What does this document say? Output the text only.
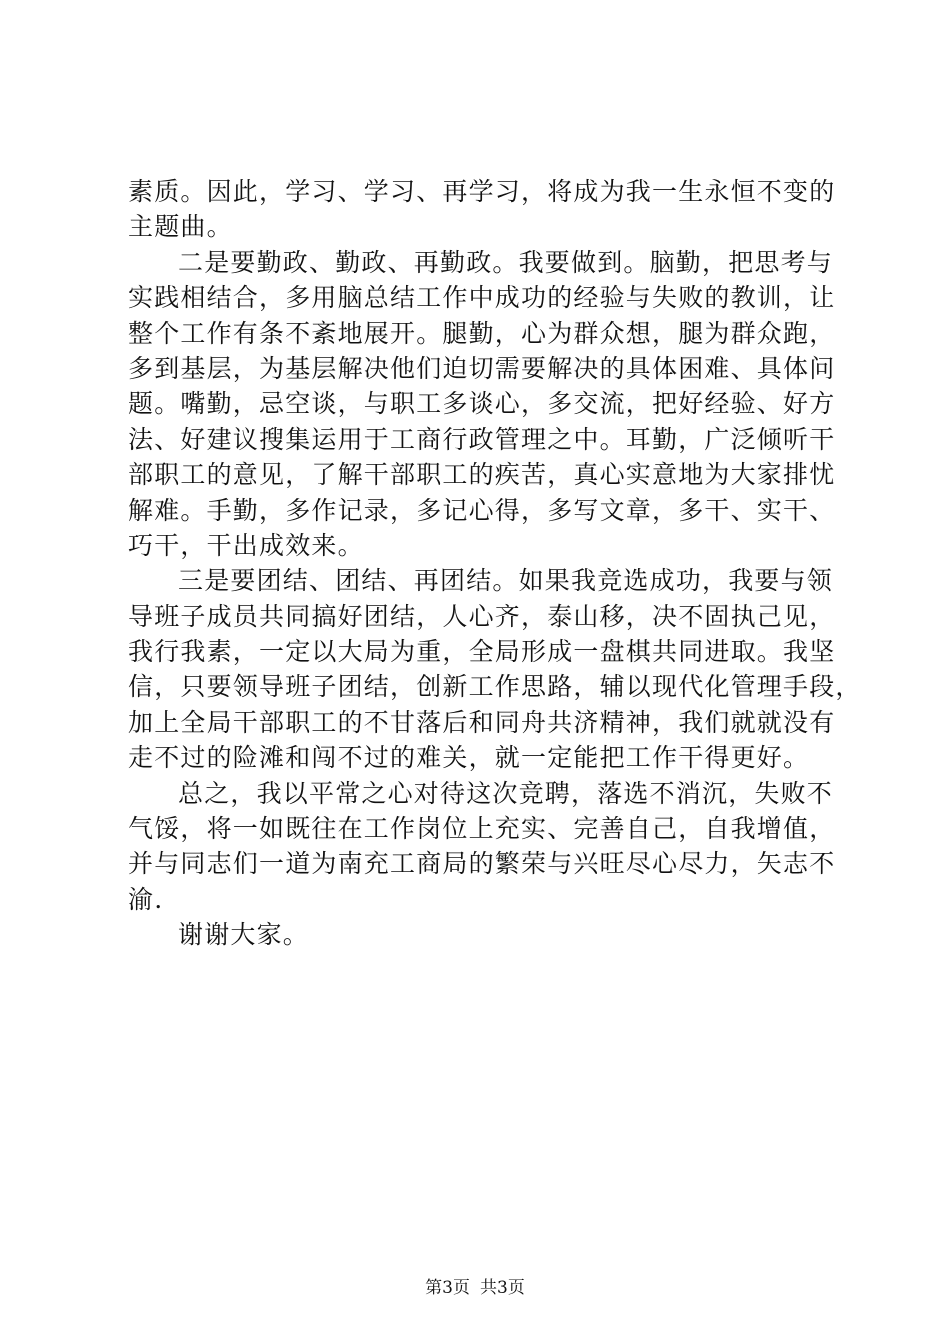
素质。因此，学习、学习、再学习，将成为我一生永恒不变的
主题曲。
二是要勤政、勤政、再勤政。我要做到。脑勤，把思考与
实践相结合，多用脑总结工作中成功的经验与失败的教训，让
整个工作有条不紊地展开。腿勤，心为群众想，腿为群众跑，
多到基层，为基层解决他们迫切需要解决的具体困难、具体问
题。嘴勤，忌空谈，与职工多谈心，多交流，把好经验、好方
法、好建议搜集运用于工商行政管理之中。耳勤，广泛倾听干
部职工的意见，了解干部职工的疾苦，真心实意地为大家排忧
解难。手勤，多作记录，多记心得，多写文章，多干、实干、
巧干，干出成效来。
三是要团结、团结、再团结。如果我竞选成功，我要与领
导班子成员共同搞好团结，人心齐，泰山移，决不固执己见，
我行我素，一定以大局为重，全局形成一盘棋共同进取。我坚
信，只要领导班子团结，创新工作思路，辅以现代化管理手段，
加上全局干部职工的不甘落后和同舟共济精神，我们就就没有
走不过的险滩和闯不过的难关，就一定能把工作干得更好。
总之，我以平常之心对待这次竞聘，落选不消沉，失败不
气馁，将一如既往在工作岗位上充实、完善自己，自我增值，
并与同志们一道为南充工商局的繁荣与兴旺尽心尽力，矢志不
渝.
谢谢大家。
第3页 共3页
